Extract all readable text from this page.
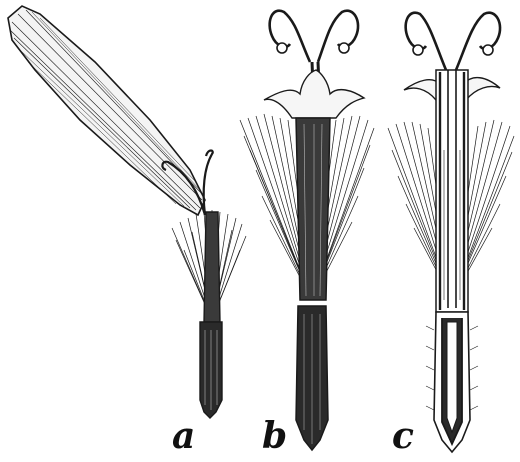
a b	c
